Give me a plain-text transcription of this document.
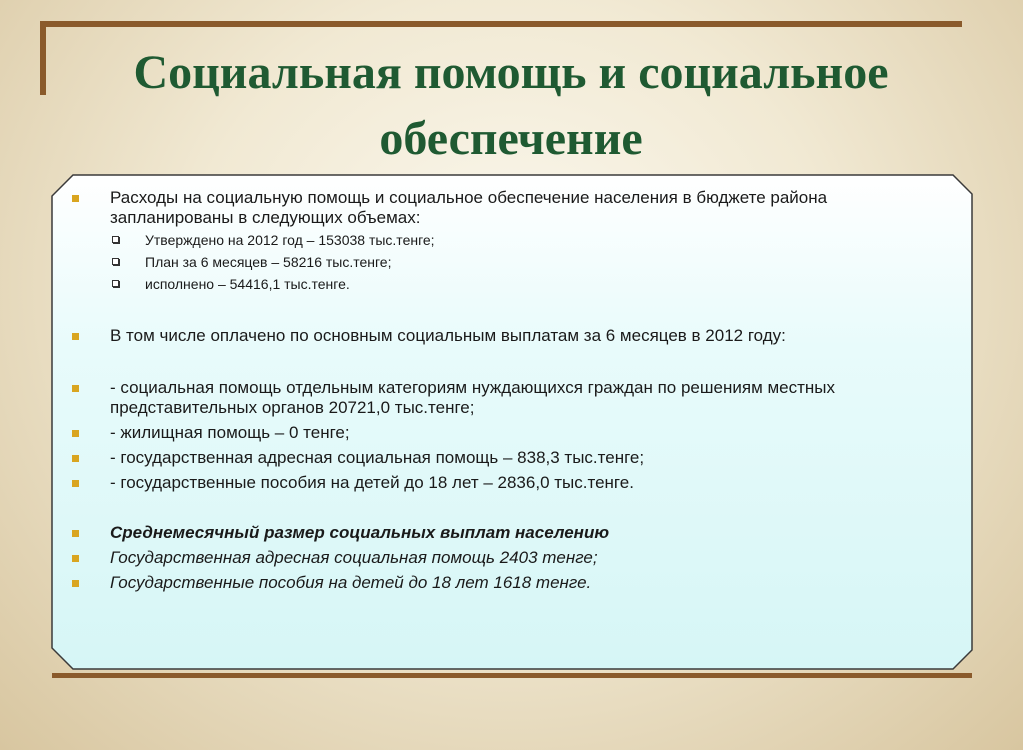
Социальная помощь и социальное обеспечение
Расходы на социальную помощь и социальное обеспечение населения в бюджете района запланированы в следующих объемах:
Утверждено на 2012 год – 153038 тыс.тенге;
План за 6 месяцев – 58216 тыс.тенге;
исполнено – 54416,1 тыс.тенге.
В том числе оплачено по основным социальным выплатам за 6 месяцев в 2012 году:
- социальная помощь отдельным категориям нуждающихся граждан по решениям местных представительных органов 20721,0 тыс.тенге;
- жилищная помощь – 0 тенге;
- государственная адресная социальная помощь – 838,3 тыс.тенге;
- государственные пособия на детей до 18 лет – 2836,0 тыс.тенге.
Среднемесячный размер социальных выплат населению
Государственная адресная социальная помощь 2403 тенге;
Государственные пособия на детей до 18 лет 1618 тенге.
